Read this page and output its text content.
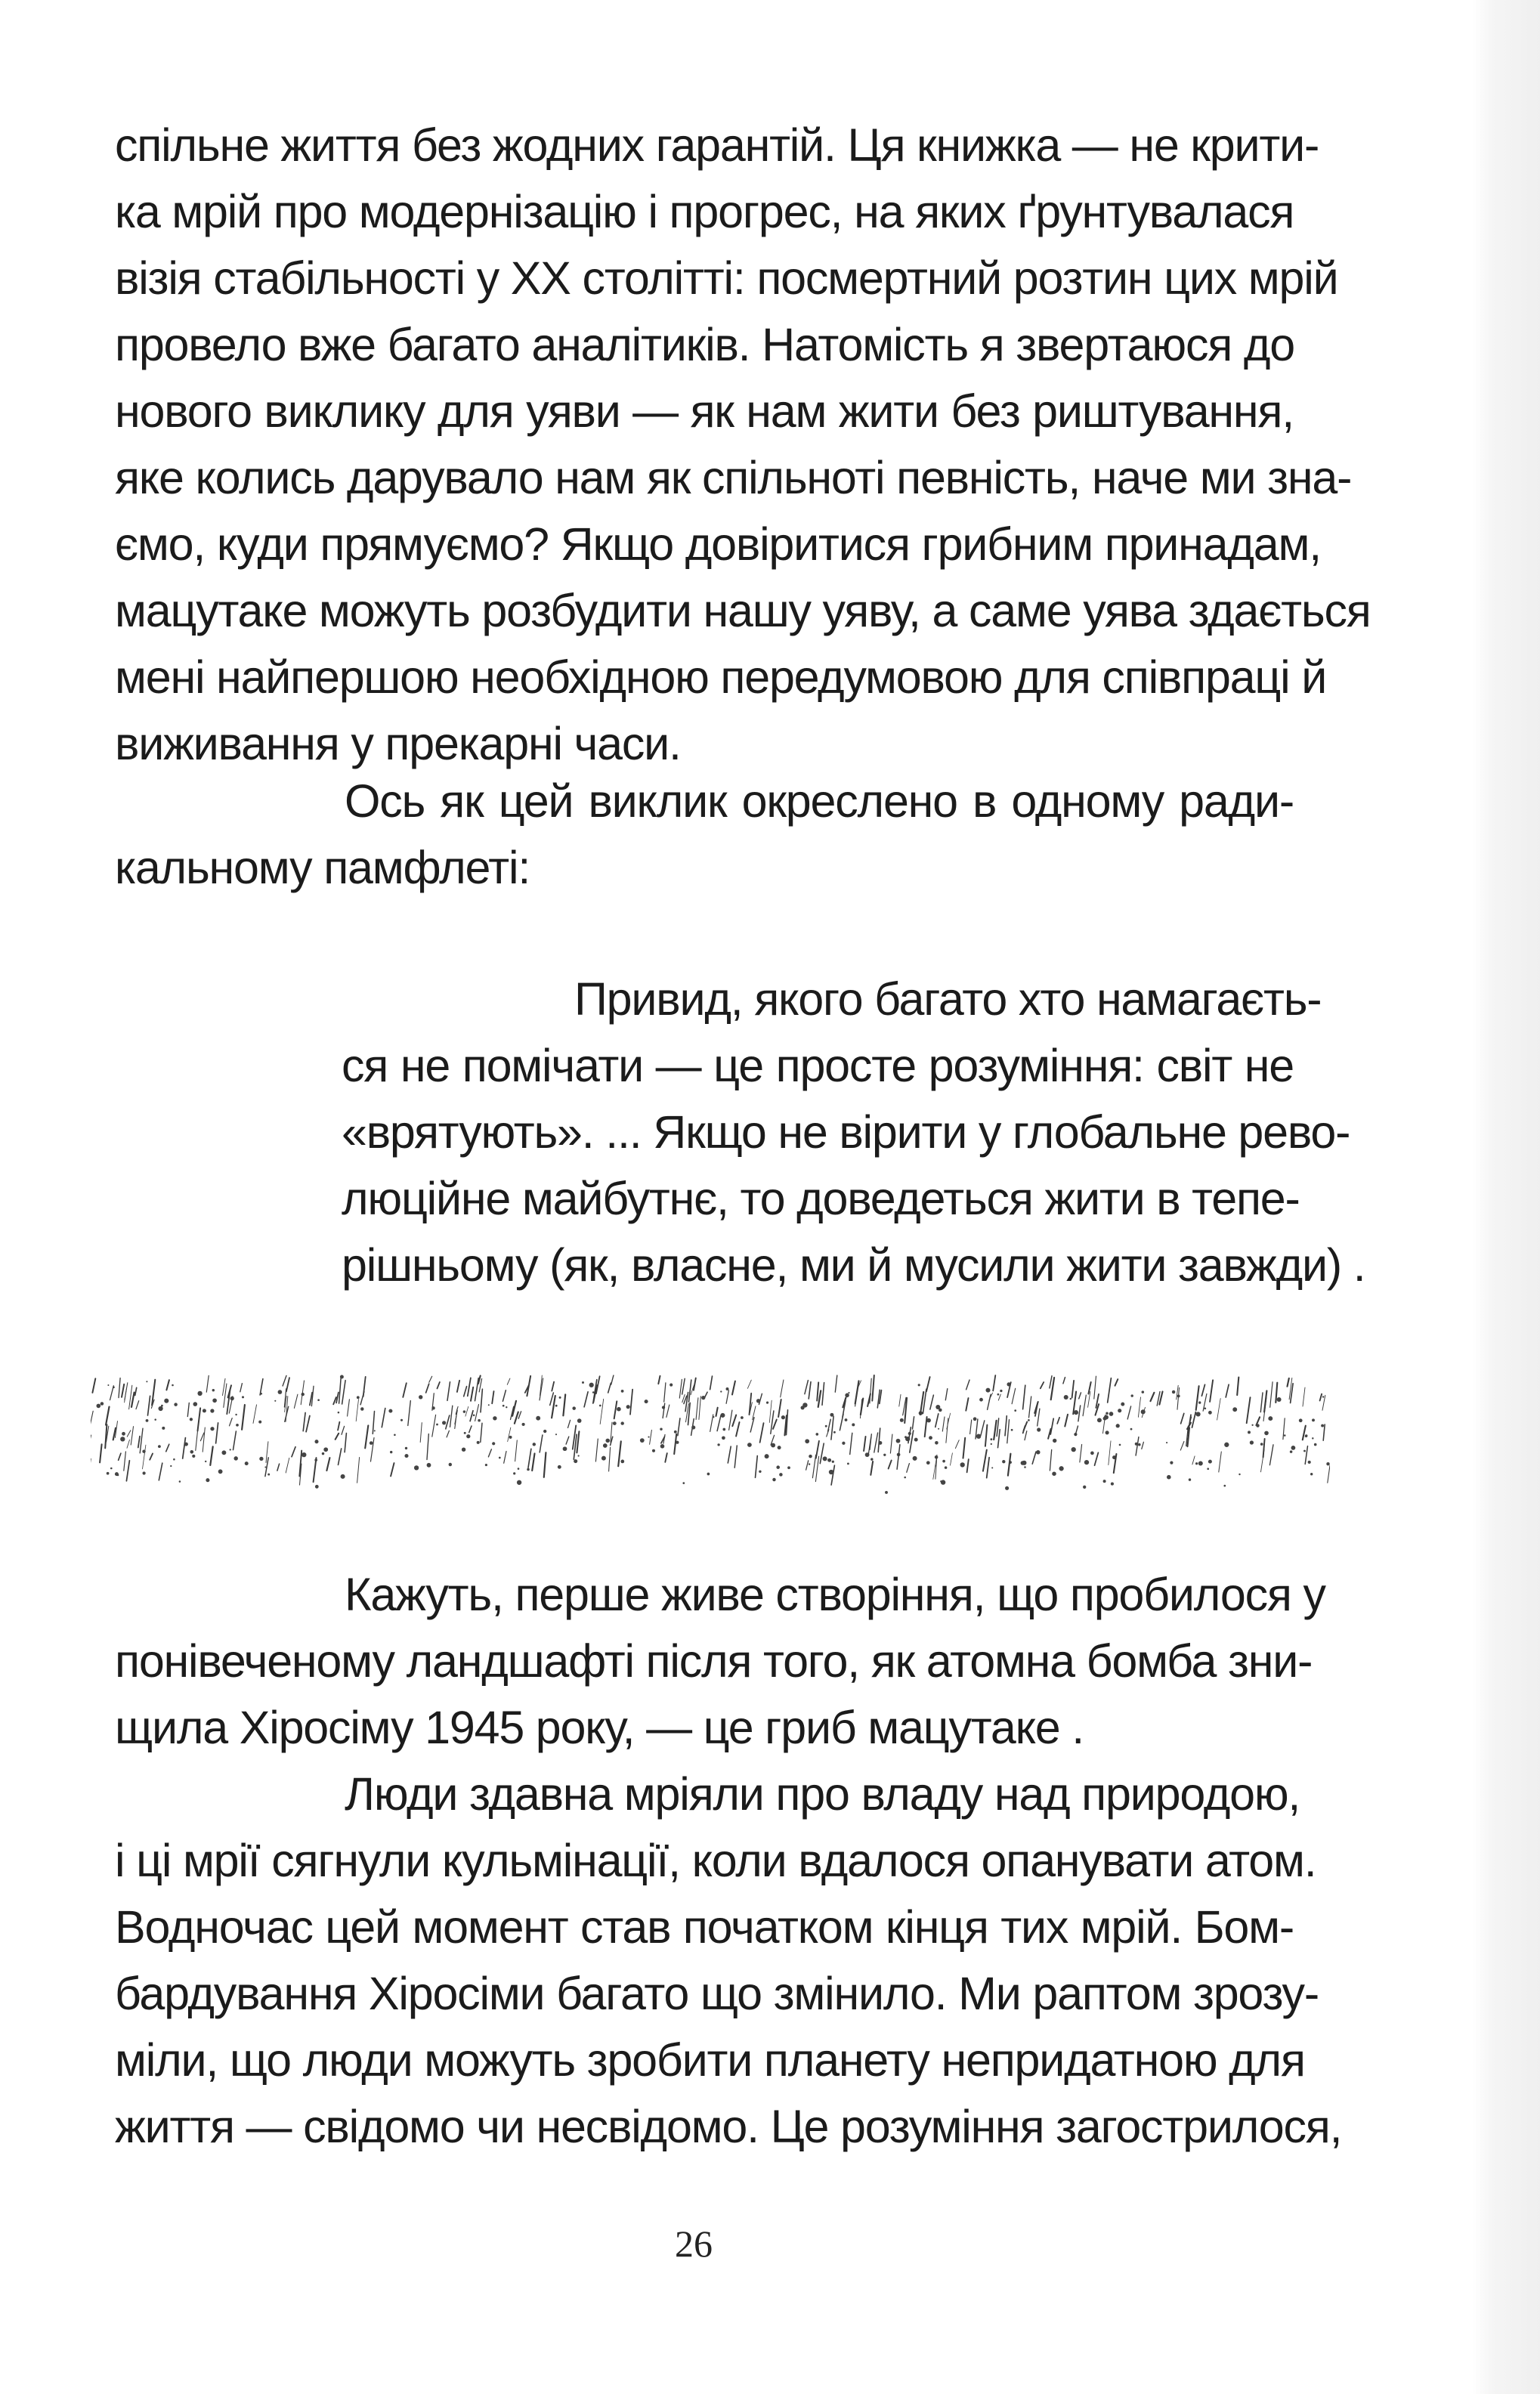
спільне життя без жодних гарантій. Ця книжка — не крити-
ка мрій про модернізацію і прогрес, на яких ґрунтувалася
візія стабільності у XX столітті: посмертний розтин цих мрій
провело вже багато аналітиків. Натомість я звертаюся до
нового виклику для уяви — як нам жити без риштування,
яке колись дарувало нам як спільноті певність, наче ми зна-
ємо, куди прямуємо? Якщо довіритися грибним принадам,
мацутаке можуть розбудити нашу уяву, а саме уява здається
мені найпершою необхідною передумовою для співпраці й
виживання у прекарні часи.
Ось як цей виклик окреслено в одному ради-
кальному памфлеті:
Привид, якого багато хто намагаєть-
ся не помічати — це просте розуміння: світ не
«врятують». ... Якщо не вірити у глобальне рево-
люційне майбутнє, то доведеться жити в тепе-
рішньому (як, власне, ми й мусили жити завжди) .
Кажуть, перше живе створіння, що пробилося у
понівеченому ландшафті після того, як атомна бомба зни-
щила Хіросіму 1945 року, — це гриб мацутаке .
Люди здавна мріяли про владу над природою,
і ці мрії сягнули кульмінації, коли вдалося опанувати атом.
Водночас цей момент став початком кінця тих мрій. Бом-
бардування Хіросіми багато що змінило. Ми раптом зрозу-
міли, що люди можуть зробити планету непридатною для
життя — свідомо чи несвідомо. Це розуміння загострилося,
26
